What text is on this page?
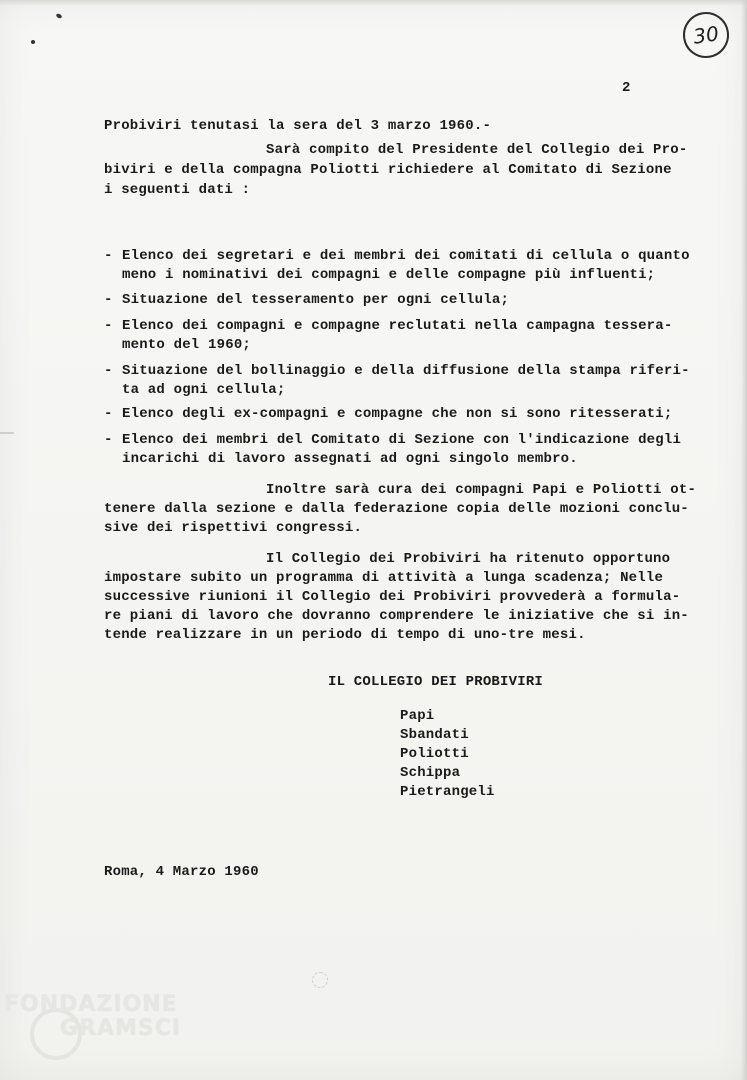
30
2
Probiviri tenutasi la sera del 3 marzo 1960.-
Sarà compito del Presidente del Collegio dei Pro-
biviri e della compagna Poliotti richiedere al Comitato di Sezione
i seguenti dati :
- Elenco dei segretari e dei membri dei comitati di cellula o quanto
meno i nominativi dei compagni e delle compagne più influenti;
- Situazione del tesseramento per ogni cellula;
- Elenco dei compagni e compagne reclutati nella campagna tessera-
mento del 1960;
- Situazione del bollinaggio e della diffusione della stampa riferi-
ta ad ogni cellula;
- Elenco degli ex-compagni e compagne che non si sono ritesserati;
- Elenco dei membri del Comitato di Sezione con l'indicazione degli
incarichi di lavoro assegnati ad ogni singolo membro.
Inoltre sarà cura dei compagni Papi e Poliotti ot-
tenere dalla sezione e dalla federazione copia delle mozioni conclu-
sive dei rispettivi congressi.
Il Collegio dei Probiviri ha ritenuto opportuno
impostare subito un programma di attività a lunga scadenza; Nelle
successive riunioni il Collegio dei Probiviri provvederà a formula-
re piani di lavoro che dovranno comprendere le iniziative che si in-
tende realizzare in un periodo di tempo di uno-tre mesi.
IL COLLEGIO DEI PROBIVIRI
Papi
Sbandati
Poliotti
Schippa
Pietrangeli
Roma, 4 Marzo 1960
FONDAZIONE
GRAMSCI
